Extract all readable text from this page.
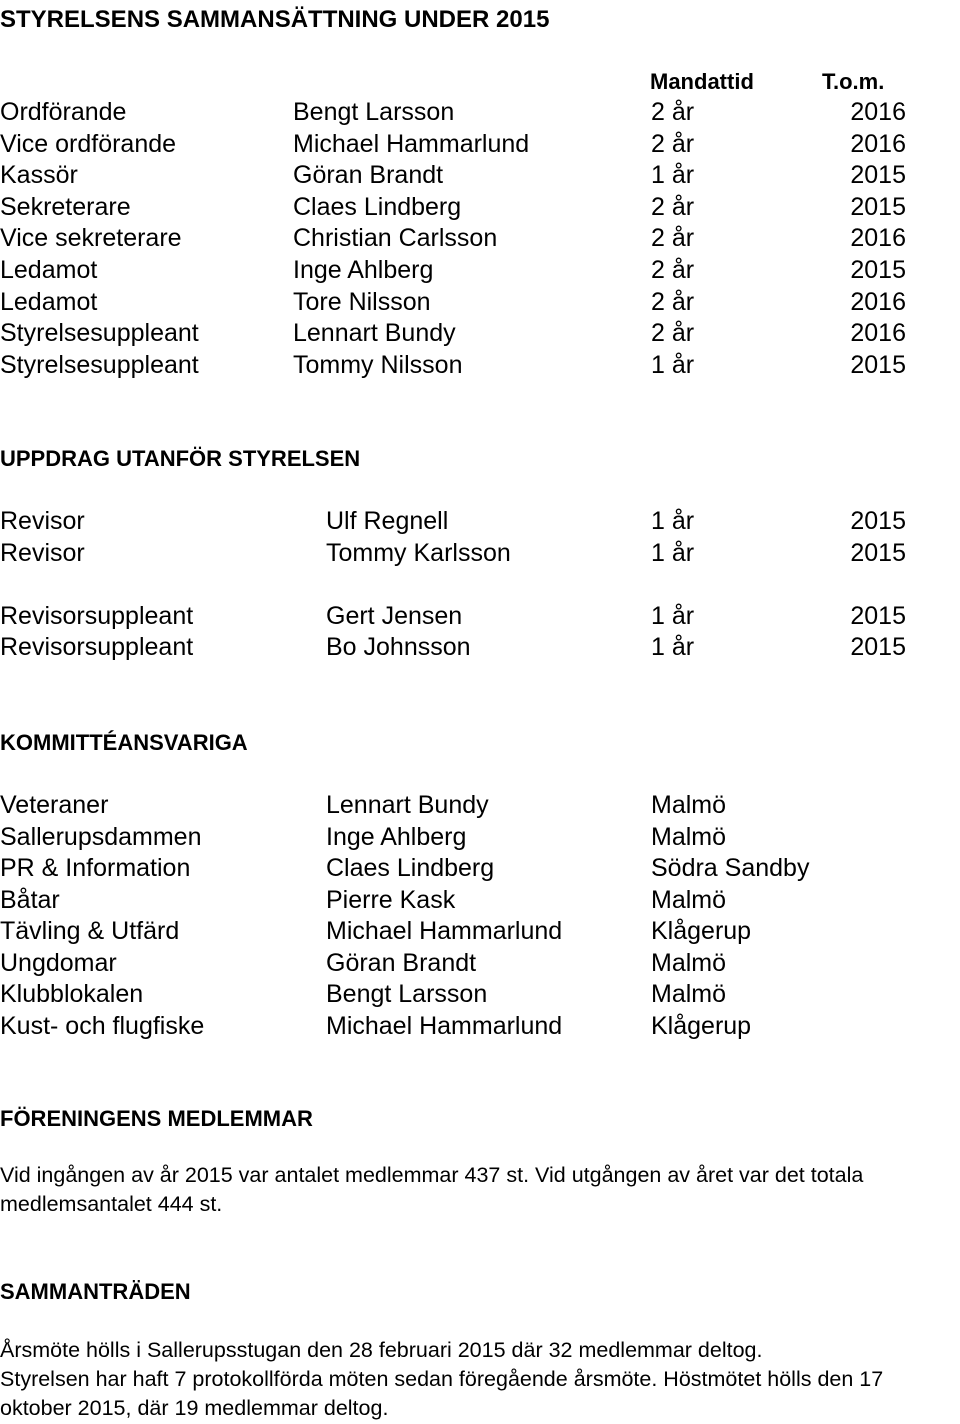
STYRELSENS SAMMANSÄTTNING UNDER 2015
Mandattid	T.o.m.
Ordförande	Bengt Larsson	2 år	2016
Vice ordförande	Michael Hammarlund	2 år	2016
Kassör	Göran Brandt	1 år	2015
Sekreterare	Claes Lindberg	2 år	2015
Vice sekreterare	Christian Carlsson	2 år	2016
Ledamot	Inge Ahlberg	2 år	2015
Ledamot	Tore Nilsson	2 år	2016
Styrelsesuppleant	Lennart Bundy	2 år	2016
Styrelsesuppleant	Tommy Nilsson	1 år	2015
UPPDRAG UTANFÖR STYRELSEN
Revisor	Ulf Regnell	1 år	2015
Revisor	Tommy Karlsson	1 år	2015
Revisorsuppleant	Gert Jensen	1 år	2015
Revisorsuppleant	Bo Johnsson	1 år	2015
KOMMITTÉANSVARIGA
Veteraner	Lennart Bundy	Malmö
Sallerupsdammen	Inge Ahlberg	Malmö
PR & Information	Claes Lindberg	Södra Sandby
Båtar	Pierre Kask	Malmö
Tävling & Utfärd	Michael Hammarlund	Klågerup
Ungdomar	Göran Brandt	Malmö
Klubblokalen	Bengt Larsson	Malmö
Kust- och flugfiske	Michael Hammarlund	Klågerup
FÖRENINGENS MEDLEMMAR
Vid ingången av år 2015 var antalet medlemmar 437 st. Vid utgången av året var det totala medlemsantalet 444 st.
SAMMANTRÄDEN
Årsmöte hölls i Sallerupsstugan den 28 februari 2015 där 32 medlemmar deltog.
Styrelsen har haft 7 protokollförda möten sedan föregående årsmöte. Höstmötet hölls den 17 oktober 2015, där 19 medlemmar deltog.
